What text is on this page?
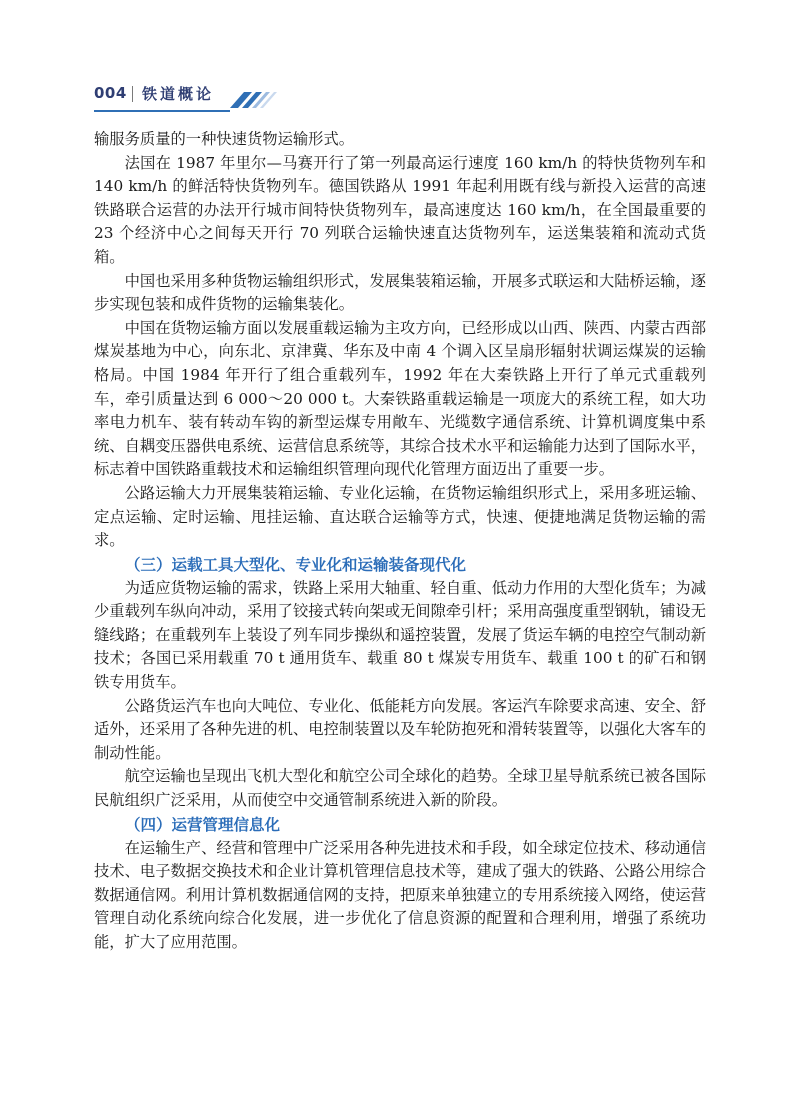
004 铁道概论

输服务质量的一种快速货物运输形式。

法国在 1987 年里尔—马赛开行了第一列最高运行速度 160 km/h 的特快货物列车和 140 km/h 的鲜活特快货物列车。德国铁路从 1991 年起利用既有线与新投入运营的高速铁路联合运营的办法开行城市间特快货物列车，最高速度达 160 km/h，在全国最重要的 23 个经济中心之间每天开行 70 列联合运输快速直达货物列车，运送集装箱和流动式货箱。

中国也采用多种货物运输组织形式，发展集装箱运输，开展多式联运和大陆桥运输，逐步实现包装和成件货物的运输集装化。

中国在货物运输方面以发展重载运输为主攻方向，已经形成以山西、陕西、内蒙古西部煤炭基地为中心，向东北、京津冀、华东及中南 4 个调入区呈扇形辐射状调运煤炭的运输格局。中国 1984 年开行了组合重载列车，1992 年在大秦铁路上开行了单元式重载列车，牵引质量达到 6 000～20 000 t。大秦铁路重载运输是一项庞大的系统工程，如大功率电力机车、装有转动车钩的新型运煤专用敞车、光缆数字通信系统、计算机调度集中系统、自耦变压器供电系统、运营信息系统等，其综合技术水平和运输能力达到了国际水平，标志着中国铁路重载技术和运输组织管理向现代化管理方面迈出了重要一步。

公路运输大力开展集装箱运输、专业化运输，在货物运输组织形式上，采用多班运输、定点运输、定时运输、甩挂运输、直达联合运输等方式，快速、便捷地满足货物运输的需求。

（三）运载工具大型化、专业化和运输装备现代化

为适应货物运输的需求，铁路上采用大轴重、轻自重、低动力作用的大型化货车；为减少重载列车纵向冲动，采用了铰接式转向架或无间隙牵引杆；采用高强度重型钢轨，铺设无缝线路；在重载列车上装设了列车同步操纵和遥控装置，发展了货运车辆的电控空气制动新技术；各国已采用载重 70 t 通用货车、载重 80 t 煤炭专用货车、载重 100 t 的矿石和钢铁专用货车。

公路货运汽车也向大吨位、专业化、低能耗方向发展。客运汽车除要求高速、安全、舒适外，还采用了各种先进的机、电控制装置以及车轮防抱死和滑转装置等，以强化大客车的制动性能。

航空运输也呈现出飞机大型化和航空公司全球化的趋势。全球卫星导航系统已被各国际民航组织广泛采用，从而使空中交通管制系统进入新的阶段。

（四）运营管理信息化

在运输生产、经营和管理中广泛采用各种先进技术和手段，如全球定位技术、移动通信技术、电子数据交换技术和企业计算机管理信息技术等，建成了强大的铁路、公路公用综合数据通信网。利用计算机数据通信网的支持，把原来单独建立的专用系统接入网络，使运营管理自动化系统向综合化发展，进一步优化了信息资源的配置和合理利用，增强了系统功能，扩大了应用范围。
